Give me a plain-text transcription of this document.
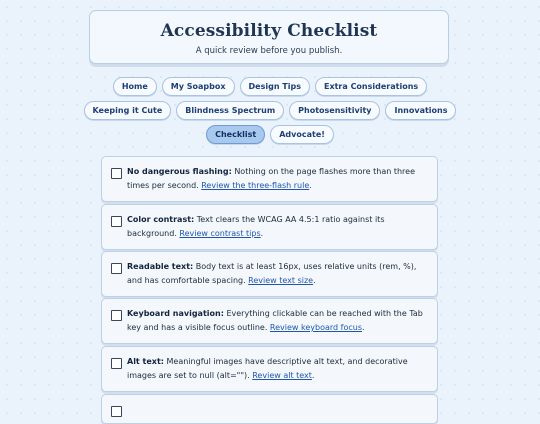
Accessibility Checklist
A quick review before you publish.
Home	My Soapbox	Design Tips	Extra Considerations
Keeping it Cute	Blindness Spectrum	Photosensitivity	Innovations
Checklist	Advocate!
No dangerous flashing: Nothing on the page flashes more than three times per second. Review the three-flash rule.
Color contrast: Text clears the WCAG AA 4.5:1 ratio against its background. Review contrast tips.
Readable text: Body text is at least 16px, uses relative units (rem, %), and has comfortable spacing. Review text size.
Keyboard navigation: Everything clickable can be reached with the Tab key and has a visible focus outline. Review keyboard focus.
Alt text: Meaningful images have descriptive alt text, and decorative images are set to null (alt=""). Review alt text.
